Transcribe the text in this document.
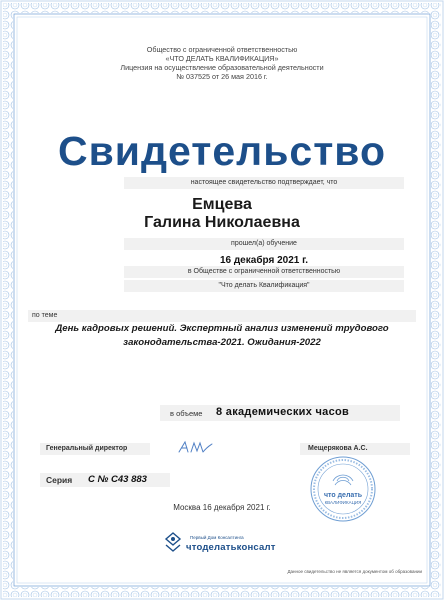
Общество с ограниченной ответственностью
«ЧТО ДЕЛАТЬ КВАЛИФИКАЦИЯ»
Лицензия на осуществление образовательной деятельности
№ 037525 от 26 мая 2016 г.
Свидетельство
настоящее свидетельство подтверждает, что
Емцева
Галина Николаевна
прошел(а) обучение
16 декабря 2021 г.
в Обществе с ограниченной ответственностью
"Что делать Квалификация"
по теме
День кадровых решений. Экспертный анализ изменений трудового
законодательства-2021. Ожидания-2022
в объеме 8 академических часов
Генеральный директор	Мещерякова А.С.
Серия С № С43 883
что делать
КВАЛИФИКАЦИЯ
Москва 16 декабря 2021 г.
Первый Дом Консалтинга
чтоделатьконсалт
Данное свидетельство не является документом об образовании
